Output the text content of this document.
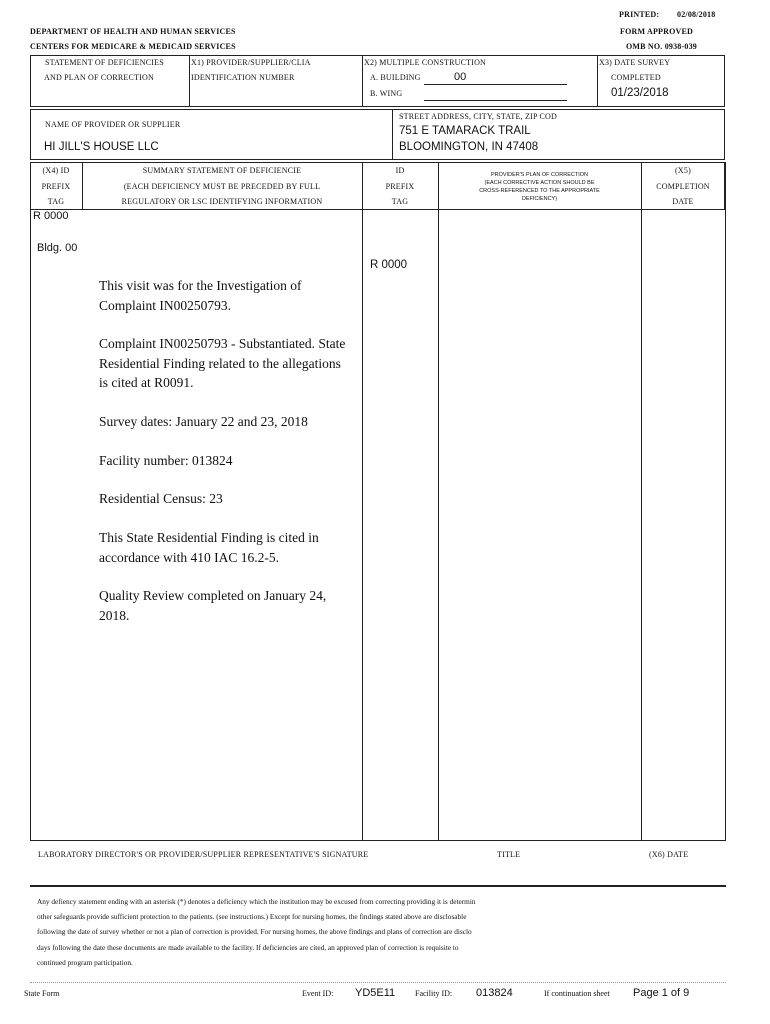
PRINTED: 02/08/2018
DEPARTMENT OF HEALTH AND HUMAN SERVICES	FORM APPROVED
CENTERS FOR MEDICARE & MEDICAID SERVICES	OMB NO. 0938-039
STATEMENT OF DEFICIENCIES
AND PLAN OF CORRECTION
X1) PROVIDER/SUPPLIER/CLIA
IDENTIFICATION NUMBER
X2) MULTIPLE CONSTRUCTION
A. BUILDING	00
B. WING
X3) DATE SURVEY
COMPLETED
01/23/2018
NAME OF PROVIDER OR SUPPLIER
HI JILL'S HOUSE LLC
STREET ADDRESS, CITY, STATE, ZIP COD
751 E TAMARACK TRAIL
BLOOMINGTON, IN 47408
(X4) ID
PREFIX
TAG
SUMMARY STATEMENT OF DEFICIENCIE
(EACH DEFICIENCY MUST BE PRECEDED BY FULL
REGULATORY OR LSC IDENTIFYING INFORMATION
ID
PREFIX
TAG
PROVIDER'S PLAN OF CORRECTION
(EACH CORRECTIVE ACTION SHOULD BE
CROSS-REFERENCED TO THE APPROPRIATE
DEFICIENCY)
(X5)
COMPLETION
DATE
R 0000
Bldg. 00
R 0000
This visit was for the Investigation of Complaint IN00250793.
Complaint IN00250793 - Substantiated. State Residential Finding related to the allegations is cited at R0091.
Survey dates: January 22 and 23, 2018
Facility number: 013824
Residential Census: 23
This State Residential Finding is cited in accordance with 410 IAC 16.2-5.
Quality Review completed on January 24, 2018.
LABORATORY DIRECTOR'S OR PROVIDER/SUPPLIER REPRESENTATIVE'S SIGNATURE	TITLE	(X6) DATE

Any defiency statement ending with an asterisk (*) denotes a deficiency which the institution may be excused from correcting providing it is determin

other safeguards provide sufficient protection to the patients. (see instructions.) Except for nursing homes, the findings stated above are disclosable

following the date of survey whether or not a plan of correction is provided. For nursing homes, the above findings and plans of correction are disclo

days following the date these documents are made available to the facility. If deficiencies are cited, an approved plan of correction is requisite to

continued program participation.

State Form	Event ID: YD5E11 Facility ID: 013824	If continuation sheet Page 1 of 9
